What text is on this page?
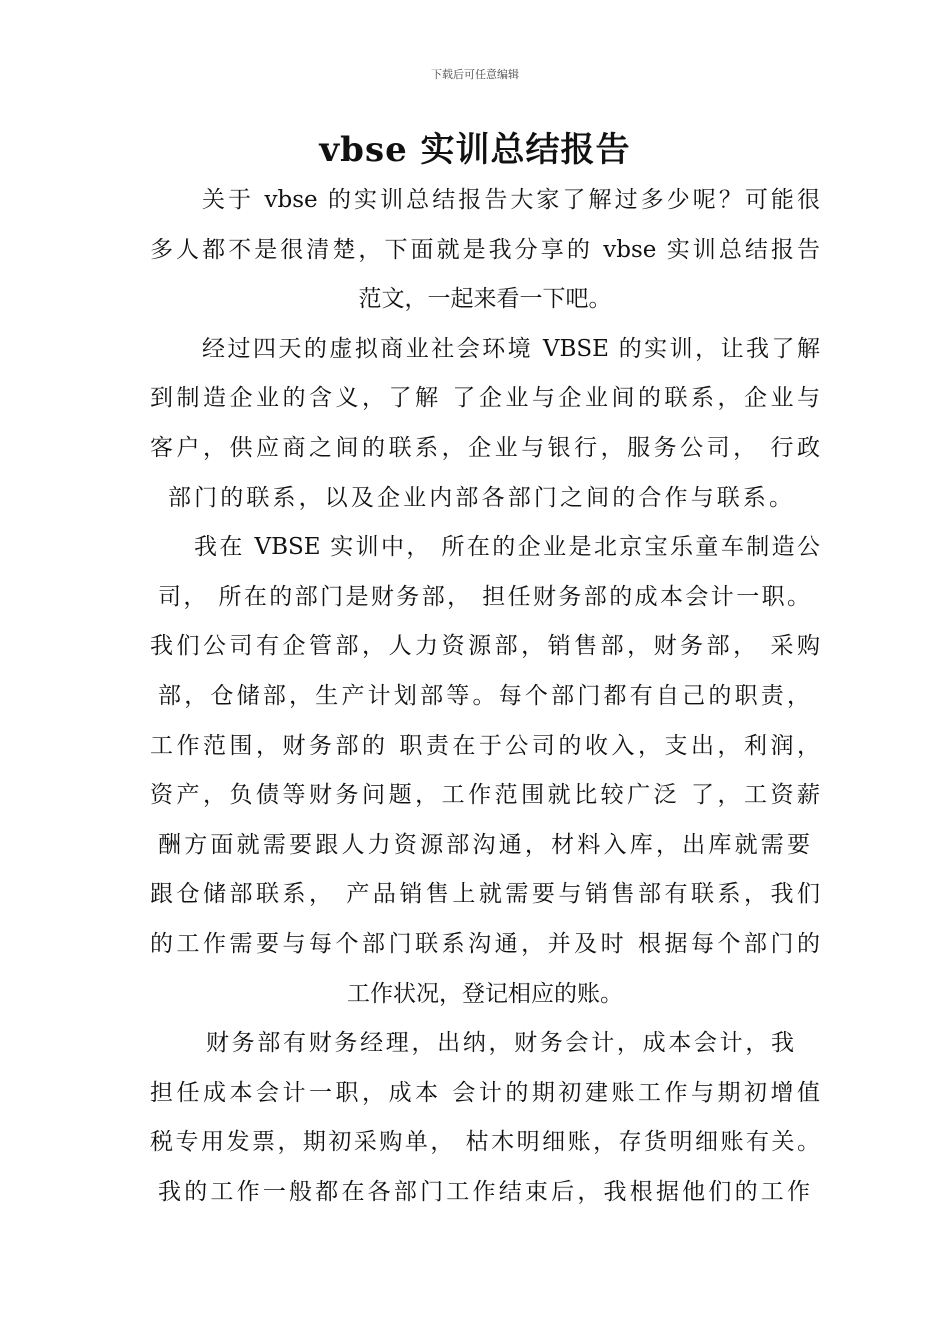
下载后可任意编辑
vbse 实训总结报告
关于 vbse 的实训总结报告大家了解过多少呢？可能很
多人都不是很清楚，下面就是我分享的 vbse 实训总结报告
范文，一起来看一下吧。
经过四天的虚拟商业社会环境 VBSE 的实训，让我了解
到制造企业的含义，了解 了企业与企业间的联系，企业与
客户，供应商之间的联系，企业与银行，服务公司， 行政
部门的联系，以及企业内部各部门之间的合作与联系。
我在 VBSE 实训中， 所在的企业是北京宝乐童车制造公
司， 所在的部门是财务部， 担任财务部的成本会计一职。
我们公司有企管部，人力资源部，销售部，财务部， 采购
部，仓储部，生产计划部等。每个部门都有自己的职责，
工作范围，财务部的 职责在于公司的收入，支出，利润，
资产，负债等财务问题，工作范围就比较广泛 了，工资薪
酬方面就需要跟人力资源部沟通，材料入库，出库就需要
跟仓储部联系， 产品销售上就需要与销售部有联系，我们
的工作需要与每个部门联系沟通，并及时 根据每个部门的
工作状况，登记相应的账。
财务部有财务经理，出纳，财务会计，成本会计，我
担任成本会计一职，成本 会计的期初建账工作与期初增值
税专用发票，期初采购单， 枯木明细账，存货明细账有关。
我的工作一般都在各部门工作结束后，我根据他们的工作
